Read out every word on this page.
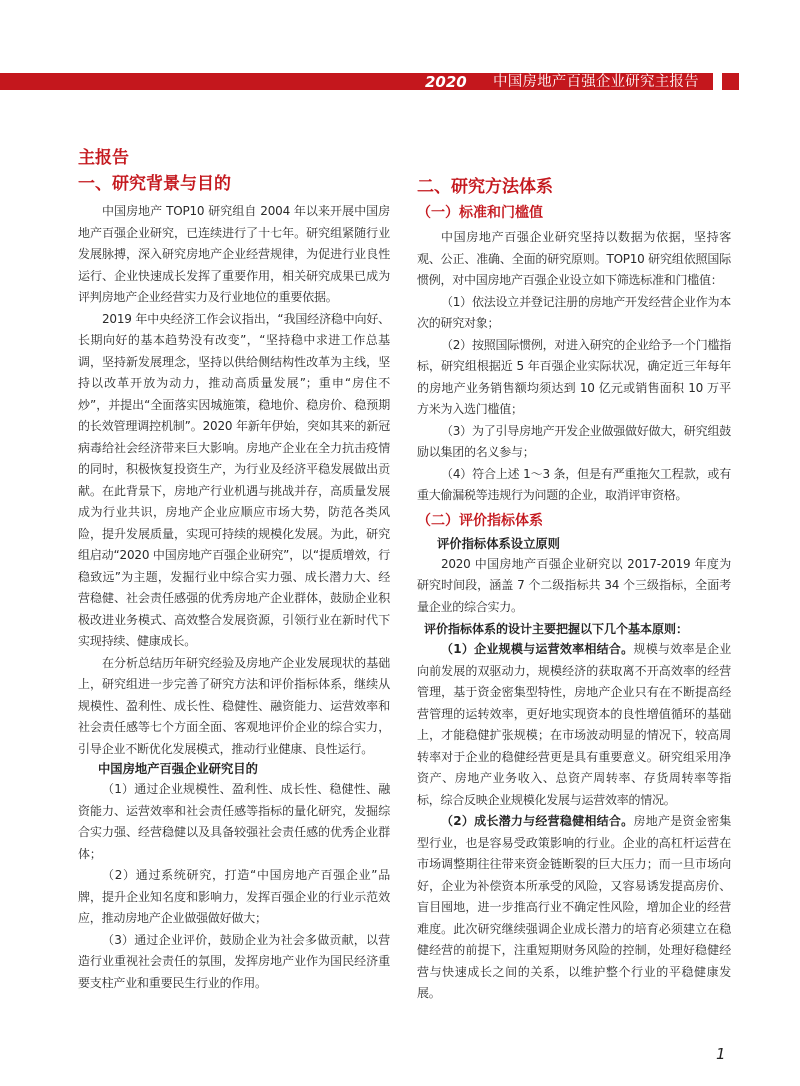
2020	中国房地产百强企业研究主报告
主报告
一、研究背景与目的

中国房地产 TOP10 研究组自 2004 年以来开展中国房地产百强企业研究，已连续进行了十七年。研究组紧随行业发展脉搏，深入研究房地产企业经营规律，为促进行业良性运行、企业快速成长发挥了重要作用，相关研究成果已成为评判房地产企业经营实力及行业地位的重要依据。

2019 年中央经济工作会议指出，“我国经济稳中向好、长期向好的基本趋势没有改变”，“坚持稳中求进工作总基调，坚持新发展理念，坚持以供给侧结构性改革为主线，坚持以改革开放为动力，推动高质量发展”；重申“房住不炒”，并提出“全面落实因城施策，稳地价、稳房价、稳预期的长效管理调控机制”。2020 年新年伊始，突如其来的新冠病毒给社会经济带来巨大影响。房地产企业在全力抗击疫情的同时，积极恢复投资生产，为行业及经济平稳发展做出贡献。在此背景下，房地产行业机遇与挑战并存，高质量发展成为行业共识，房地产企业应顺应市场大势，防范各类风险，提升发展质量，实现可持续的规模化发展。为此，研究组启动“2020 中国房地产百强企业研究”，以“提质增效，行稳致远”为主题，发掘行业中综合实力强、成长潜力大、经营稳健、社会责任感强的优秀房地产企业群体，鼓励企业积极改进业务模式、高效整合发展资源，引领行业在新时代下实现持续、健康成长。

在分析总结历年研究经验及房地产企业发展现状的基础上，研究组进一步完善了研究方法和评价指标体系，继续从规模性、盈利性、成长性、稳健性、融资能力、运营效率和社会责任感等七个方面全面、客观地评价企业的综合实力，引导企业不断优化发展模式，推动行业健康、良性运行。

中国房地产百强企业研究目的

（1）通过企业规模性、盈利性、成长性、稳健性、融资能力、运营效率和社会责任感等指标的量化研究，发掘综合实力强、经营稳健以及具备较强社会责任感的优秀企业群体；

（2）通过系统研究，打造“中国房地产百强企业”品牌，提升企业知名度和影响力，发挥百强企业的行业示范效应，推动房地产企业做强做好做大；

（3）通过企业评价，鼓励企业为社会多做贡献，以营造行业重视社会责任的氛围，发挥房地产业作为国民经济重要支柱产业和重要民生行业的作用。

二、研究方法体系
（一）标准和门槛值

中国房地产百强企业研究坚持以数据为依据，坚持客观、公正、准确、全面的研究原则。TOP10 研究组依照国际惯例，对中国房地产百强企业设立如下筛选标准和门槛值：

（1）依法设立并登记注册的房地产开发经营企业作为本次的研究对象；

（2）按照国际惯例，对进入研究的企业给予一个门槛指标，研究组根据近 5 年百强企业实际状况，确定近三年每年的房地产业务销售额均须达到 10 亿元或销售面积 10 万平方米为入选门槛值；

（3）为了引导房地产开发企业做强做好做大，研究组鼓励以集团的名义参与；

（4）符合上述 1～3 条，但是有严重拖欠工程款，或有重大偷漏税等违规行为问题的企业，取消评审资格。

（二）评价指标体系
评价指标体系设立原则

2020 中国房地产百强企业研究以 2017-2019 年度为研究时间段，涵盖 7 个二级指标共 34 个三级指标，全面考量企业的综合实力。

评价指标体系的设计主要把握以下几个基本原则：

（1）企业规模与运营效率相结合。规模与效率是企业向前发展的双驱动力，规模经济的获取离不开高效率的经营管理，基于资金密集型特性，房地产企业只有在不断提高经营管理的运转效率，更好地实现资本的良性增值循环的基础上，才能稳健扩张规模；在市场波动明显的情况下，较高周转率对于企业的稳健经营更是具有重要意义。研究组采用净资产、房地产业务收入、总资产周转率、存货周转率等指标，综合反映企业规模化发展与运营效率的情况。

（2）成长潜力与经营稳健相结合。房地产是资金密集型行业，也是容易受政策影响的行业。企业的高杠杆运营在市场调整期往往带来资金链断裂的巨大压力；而一旦市场向好，企业为补偿资本所承受的风险，又容易诱发提高房价、盲目囤地，进一步推高行业不确定性风险，增加企业的经营难度。此次研究继续强调企业成长潜力的培育必须建立在稳健经营的前提下，注重短期财务风险的控制，处理好稳健经营与快速成长之间的关系，以维护整个行业的平稳健康发展。

1
